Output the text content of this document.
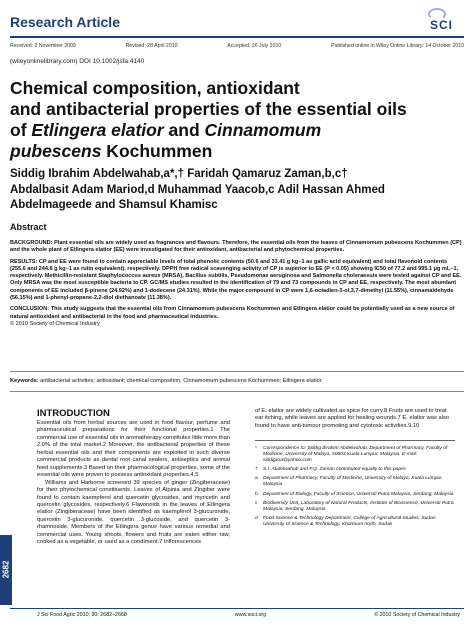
Research Article	SCI
Received: 2 November 2009	Revised: 28 April 2010	Accepted: 26 July 2010	Published online in Wiley Online Library: 14 October 2010
(wileyonlinelibrary.com) DOI 10.1002/jsfa.4140
Chemical composition, antioxidant
and antibacterial properties of the essential oils
of Etlingera elatior and Cinnamomum
pubescens Kochummen
Siddig Ibrahim Abdelwahab,a*,† Faridah Qamaruz Zaman,b,c†
Abdalbasit Adam Mariod,d Muhammad Yaacob,c Adil Hassan Ahmed
Abdelmageede and Shamsul Khamisc
Abstract

BACKGROUND: Plant essential oils are widely used as fragrances and flavours. Therefore, the essential oils from the leaves of Cinnamomum pubescens Kochummen (CP) and the whole plant of Etlingera elatior (EE) were investigated for their antioxidant, antibacterial and phytochemical properties.

RESULTS: CP and EE were found to contain appreciable levels of total phenolic contents (50.6 and 33.41 g kg−1 as gallic acid equivalent) and total flavonoid contents (255.6 and 244.8 g kg−1 as rutin equivalent), respectively. DPPH free radical scavenging activity of CP is superior to EE (P < 0.05) showing IC50 of 77.2 and 995.1 μg mL−1, respectively. Methicillin-resistant Staphylococcus aureus (MRSA), Bacillus subtilis, Pseudomonas aeruginosa and Salmonella choleraesuis were tested against CP and EE. Only MRSA was the most susceptible bacteria to CP. GC/MS studies resulted in the identification of 79 and 73 compounds in CP and EE, respectively. The most abundant components of EE included β-pinene (24.92%) and 1-dodecene (24.31%). While the major compound in CP were 1,6-octadien-3-ol,3,7-dimethyl (11.55%), cinnamaldehyde (56.15%) and 1-phenyl-propane-2,2-diol diethanoate (11.38%).

CONCLUSION: This study suggests that the essential oils from Cinnamomum pubescens Kochummen and Etlingera elatior could be potentially used as a new source of natural antioxidant and antibacterial in the food and pharmaceutical industries.
© 2010 Society of Chemical Industry

Keywords: antibacterial activities; antioxidant; chemical composition; Cinnamomum pubescens Kochummen; Etlingera elatior
INTRODUCTION

Essential oils from herbal sources are used in food flavour, perfume and pharmaceutical preparations for their functional properties.1 The commercial use of essential oils in aromatherapy constitutes little more than 2.0% of the total market.2 Moreover, the antibacterial properties of these herbal essential oils and their components are exploited in such diverse commercial products as dental root canal sealers, antiseptics and animal feed supplements.3 Based on their pharmacological properties, some of the essential oils were proven to possess antioxidant properties.4,5

Williams and Harborne screened 39 species of ginger (Zingiberaceae) for their phytochemical constituents. Leaves of Alpinia and Zingiber were found to contain kaempferol and quercetin glycosides, and myricetin and quercetin glycosides, respectively.6 Flavonoids in the leaves of Etlingera elatior (Zingiberaceae) have been identified as kaempferol 3-glucuronide, quercetin 3-glucuronide, quercetin 3-glucoside, and quercetin 3-rhamnoside. Members of the Etlingera genus have various remedial and commercial uses. Young shoots, flowers and fruits are eaten either raw, cooked as a vegetable, or used as a condiment.7 Inflorescences

of E. elatior are widely cultivated as spice for curry.8 Fruits are used to treat ear itching, while leaves are applied for healing wounds.7 E. elatior was also found to have anti-tumour promoting and cytotoxic activities.9,10
*	Correspondence to: Siddig Ibrahim Abdelwahab, Department of Pharmacy, Faculty of Medicine, University of Malaya, 50603 Kuala Lumpur, Malaysia. E-mail: siddigroa@yahoo.com
†	S.I. Abdelwahab and F.Q. Zaman contributed equally to this paper.
a	Department of Pharmacy, Faculty of Medicine, University of Malaya, Kuala Lumpur, Malaysia
b	Department of Biology, Faculty of Science, Universiti Putra Malaysia, Serdang, Malaysia
c	Biodiversity Unit, Laboratory of Natural Products, Institute of Bioscience, Universiti Putra Malaysia, Serdang, Malaysia
d	Food Science & Technology Department, College of Agricultural Studies, Sudan University of Science & Technology, Khartoum north, Sudan
2682
J Sci Food Agric 2010; 90: 2682–2668	www.soci.org	© 2010 Society of Chemical Industry
